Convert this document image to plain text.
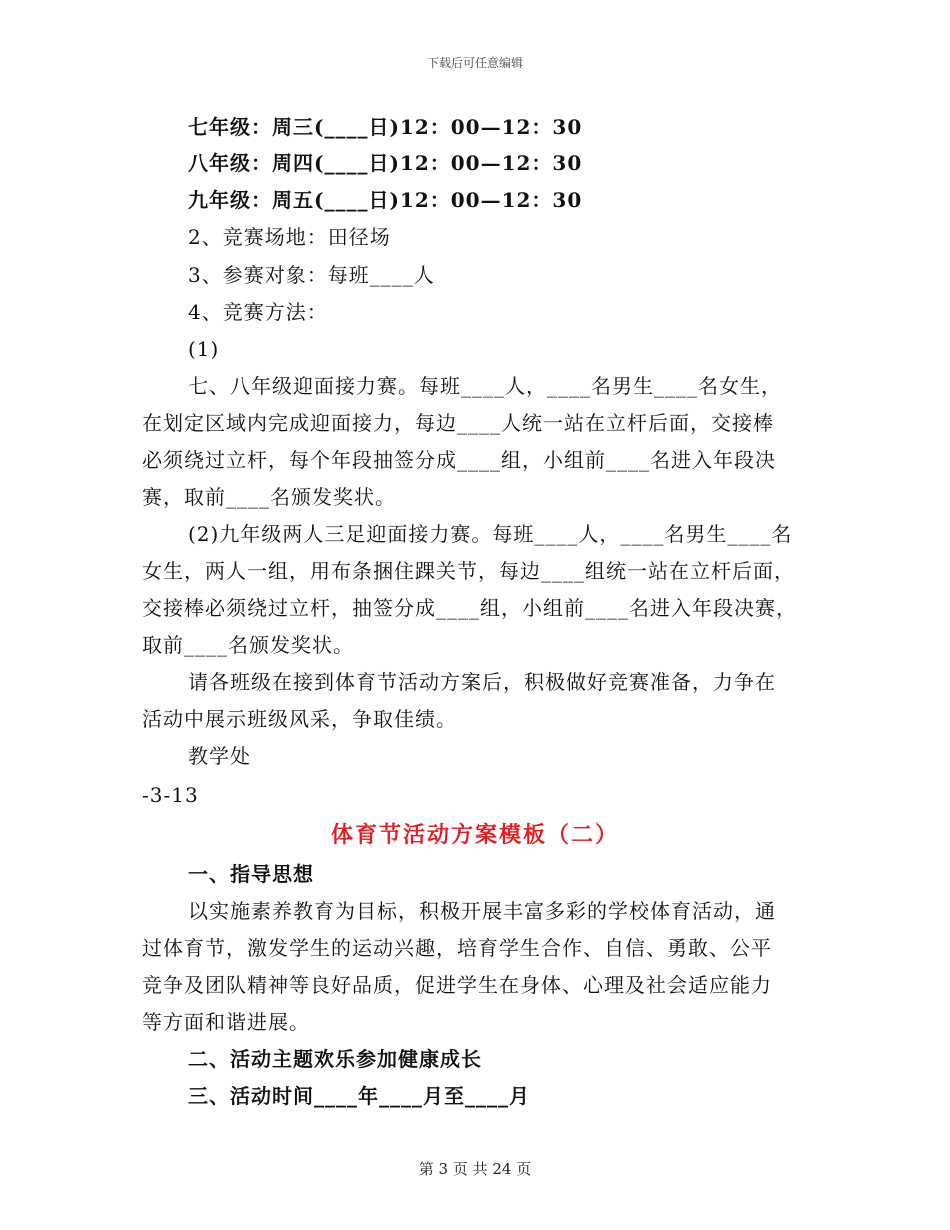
下载后可任意编辑
七年级：周三(____日)12：00—12：30
八年级：周四(____日)12：00—12：30
九年级：周五(____日)12：00—12：30
2、竞赛场地：田径场
3、参赛对象：每班____人
4、竞赛方法：
(1)
七、八年级迎面接力赛。每班____人，____名男生____名女生，
在划定区域内完成迎面接力，每边____人统一站在立杆后面，交接棒
必须绕过立杆，每个年段抽签分成____组，小组前____名进入年段决
赛，取前____名颁发奖状。
(2)九年级两人三足迎面接力赛。每班____人，____名男生____名
女生，两人一组，用布条捆住踝关节，每边____组统一站在立杆后面，
交接棒必须绕过立杆，抽签分成____组，小组前____名进入年段决赛，
取前____名颁发奖状。
请各班级在接到体育节活动方案后，积极做好竞赛准备，力争在
活动中展示班级风采，争取佳绩。
教学处
-3-13
体育节活动方案模板（二）
一、指导思想
以实施素养教育为目标，积极开展丰富多彩的学校体育活动，通
过体育节，激发学生的运动兴趣，培育学生合作、自信、勇敢、公平
竞争及团队精神等良好品质，促进学生在身体、心理及社会适应能力
等方面和谐进展。
二、活动主题欢乐参加健康成长
三、活动时间____年____月至____月
第 3 页 共 24 页
